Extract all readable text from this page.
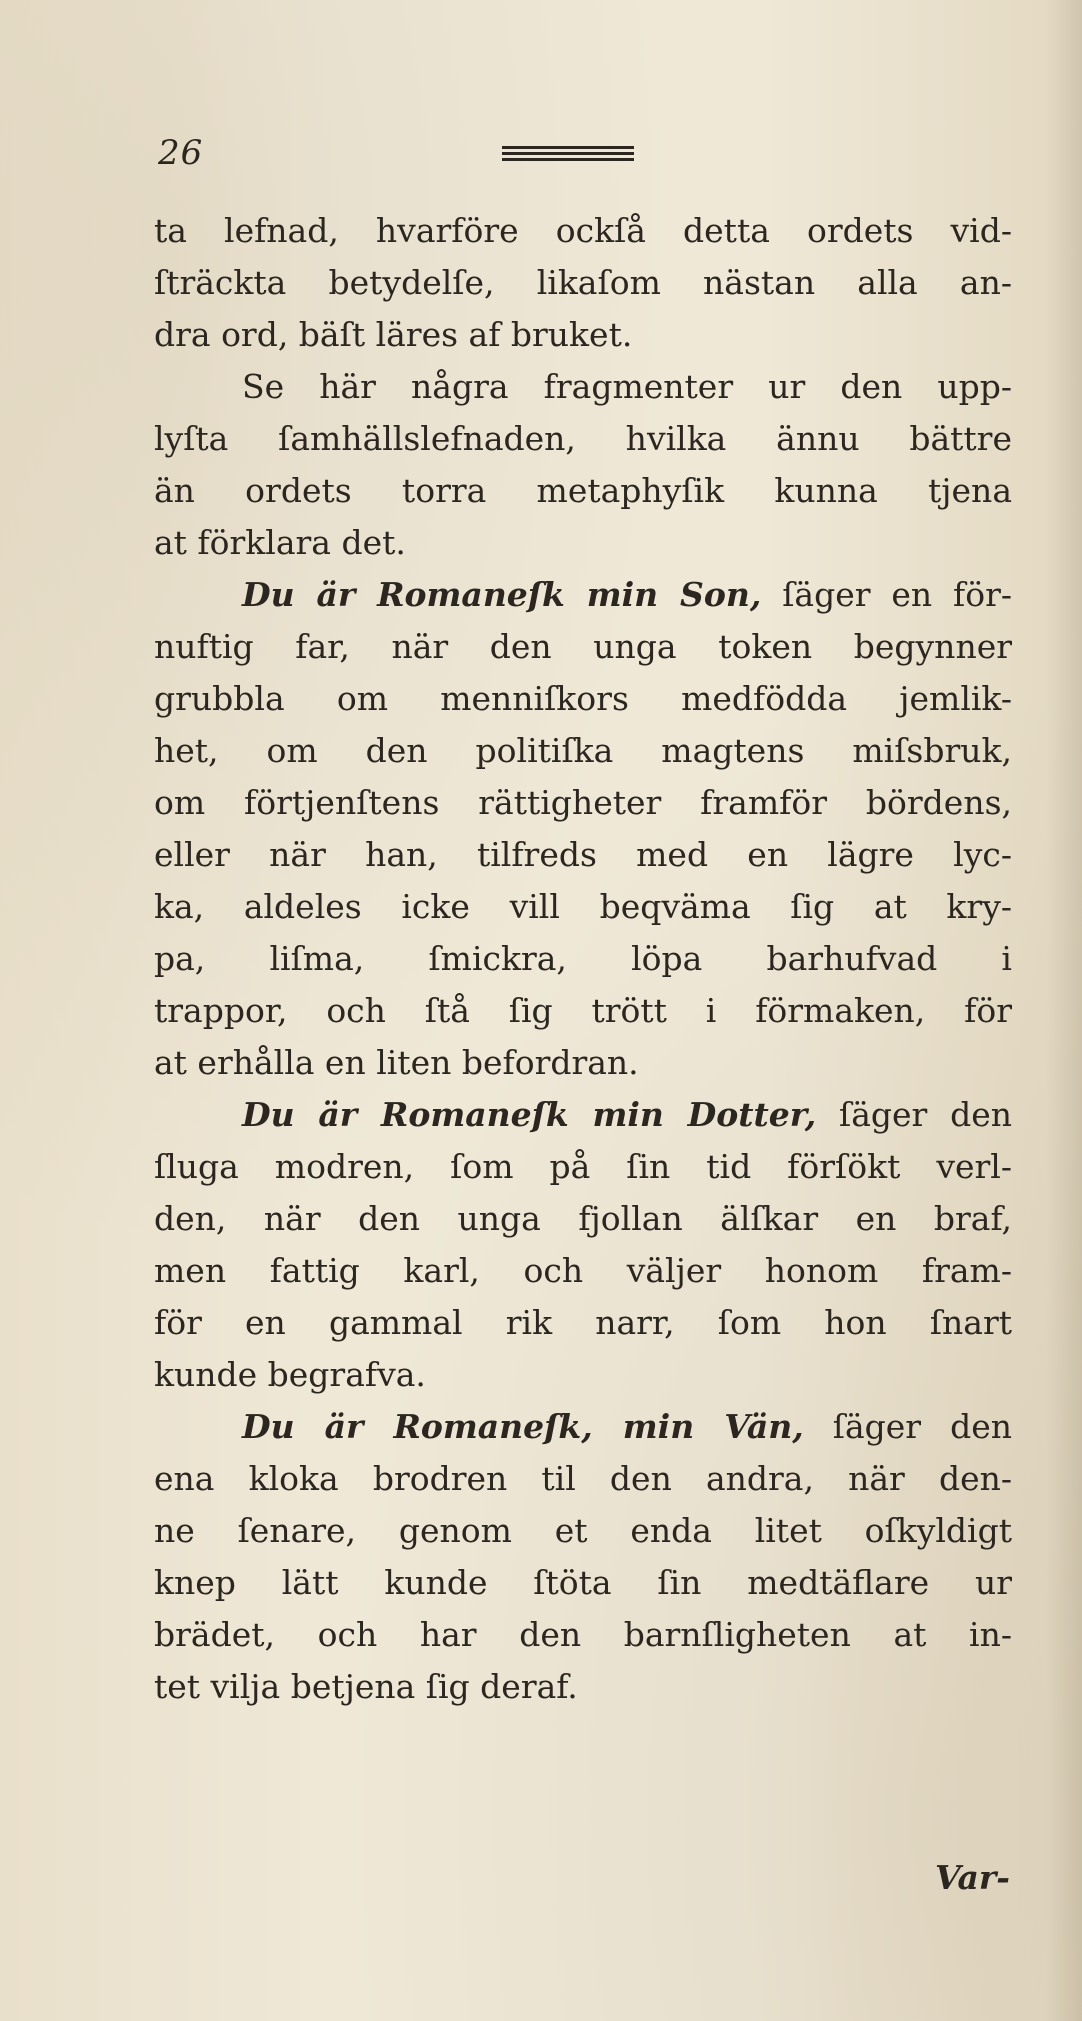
26
ta lefnad, hvarföre ockſå detta ordets vid-
ſträckta betydelſe, likaſom nästan alla an-
dra ord, bäſt läres af bruket.
Se här några fragmenter ur den upp-
lyſta ſamhällslefnaden, hvilka ännu bättre
än ordets torra metaphyſik kunna tjena
at förklara det.
Du är Romaneſk min Son, ſäger en för-
nuftig far, när den unga token begynner
grubbla om menniſkors medfödda jemlik-
het, om den politiſka magtens miſsbruk,
om förtjenſtens rättigheter framför bördens,
eller när han, tilfreds med en lägre lyc-
ka, aldeles icke vill beqväma ſig at kry-
pa, liſma, ſmickra, löpa barhufvad i
trappor, och ſtå ſig trött i förmaken, för
at erhålla en liten befordran.
Du är Romaneſk min Dotter, ſäger den
ſluga modren, ſom på ſin tid förſökt verl-
den, när den unga fjollan älſkar en braf,
men fattig karl, och väljer honom fram-
för en gammal rik narr, ſom hon ſnart
kunde begrafva.
Du är Romaneſk, min Vän, ſäger den
ena kloka brodren til den andra, när den-
ne ſenare, genom et enda litet oſkyldigt
knep lätt kunde ſtöta ſin medtäflare ur
brädet, och har den barnſligheten at in-
tet vilja betjena ſig deraf.
Var-
